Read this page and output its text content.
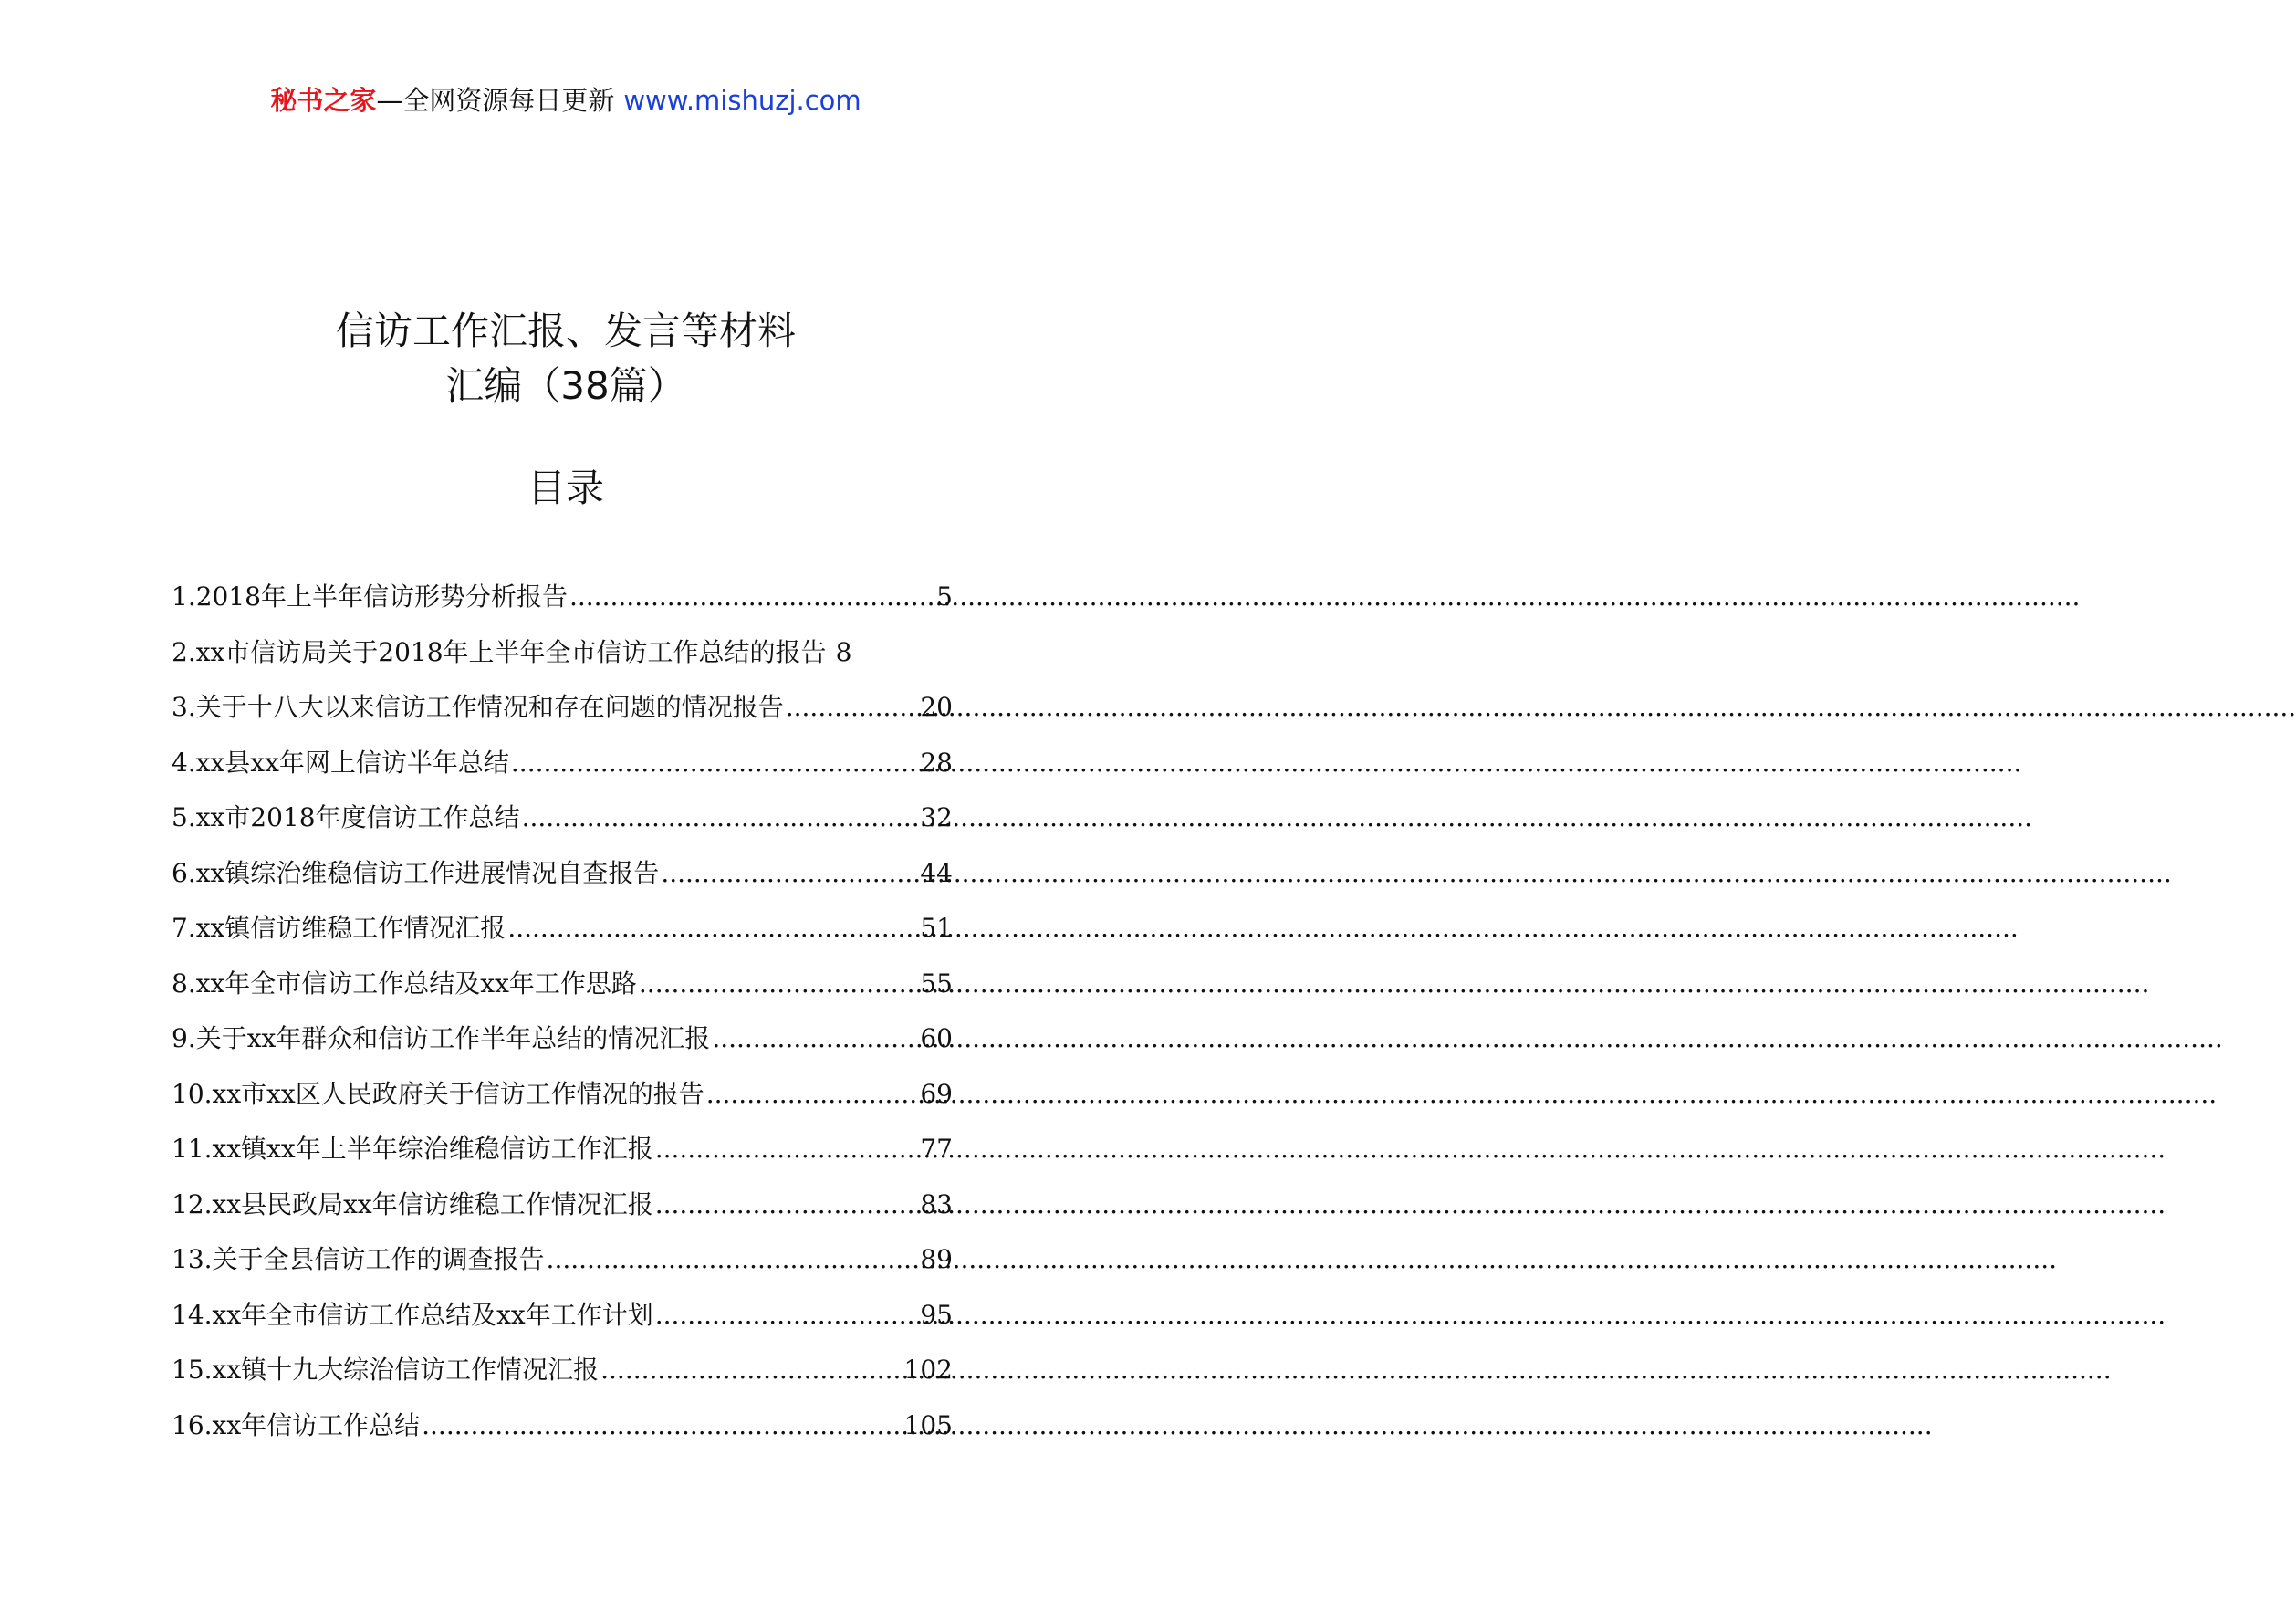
秘书之家—全网资源每日更新 www.mishuzj.com
信访工作汇报、发言等材料
汇编（38篇）
目录
1. 2018年上半年信访形势分析报告 .....	5
2. xx市信访局关于2018年上半年全市信访工作总结的报告 8
3. 关于十八大以来信访工作情况和存在问题的情况报告 .....	20
4. xx县xx年网上信访半年总结 .....	28
5. xx市2018年度信访工作总结 .....	32
6. xx镇综治维稳信访工作进展情况自查报告 .....	44
7. xx镇信访维稳工作情况汇报 .....	51
8. xx年全市信访工作总结及xx年工作思路 .....	55
9. 关于xx年群众和信访工作半年总结的情况汇报 .....	60
10. xx市xx区人民政府关于信访工作情况的报告 .....	69
11. xx镇xx年上半年综治维稳信访工作汇报 .....	77
12. xx县民政局xx年信访维稳工作情况汇报 .....	83
13. 关于全县信访工作的调查报告 .....	89
14. xx年全市信访工作总结及xx年工作计划 .....	95
15. xx镇十九大综治信访工作情况汇报 .....	102
16. xx年信访工作总结 .....	105
